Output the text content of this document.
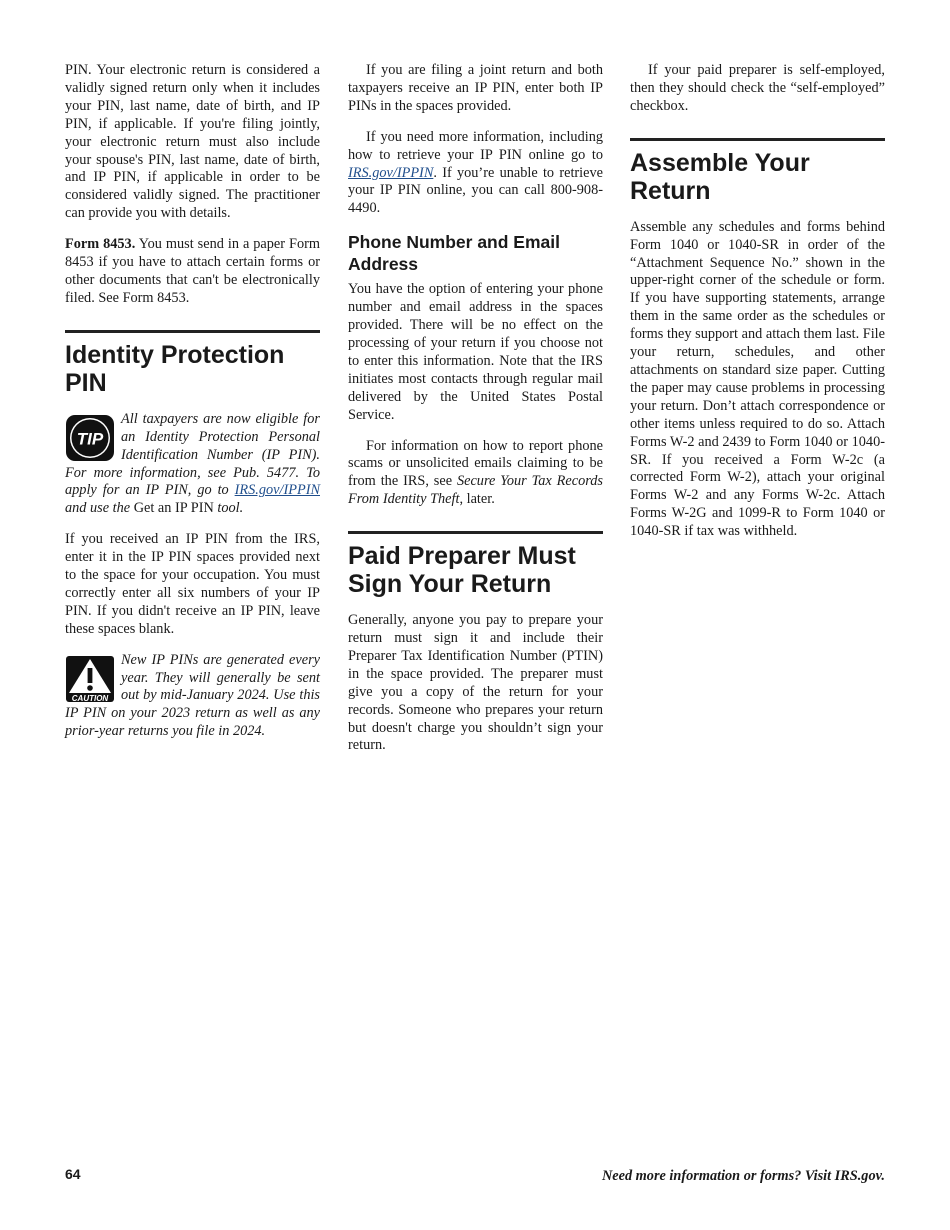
PIN. Your electronic return is considered a validly signed return only when it includes your PIN, last name, date of birth, and IP PIN, if applicable. If you're filing jointly, your electronic return must also include your spouse's PIN, last name, date of birth, and IP PIN, if applicable in order to be considered validly signed. The practitioner can provide you with details.

Form 8453. You must send in a paper Form 8453 if you have to attach certain forms or other documents that can't be electronically filed. See Form 8453.

Identity Protection PIN
TIP
All taxpayers are now eligible for an Identity Protection Personal Identification Number (IP PIN). For more information, see Pub. 5477. To apply for an IP PIN, go to IRS.gov/IPPIN and use the Get an IP PIN tool.

If you received an IP PIN from the IRS, enter it in the IP PIN spaces provided next to the space for your occupation. You must correctly enter all six numbers of your IP PIN. If you didn't receive an IP PIN, leave these spaces blank.

CAUTION
New IP PINs are generated every year. They will generally be sent out by mid-January 2024. Use this IP PIN on your 2023 return as well as any prior-year returns you file in 2024.

If you are filing a joint return and both taxpayers receive an IP PIN, enter both IP PINs in the spaces provided.

If you need more information, including how to retrieve your IP PIN online go to IRS.gov/IPPIN. If you’re unable to retrieve your IP PIN online, you can call 800-908-4490.

Phone Number and Email Address

You have the option of entering your phone number and email address in the spaces provided. There will be no effect on the processing of your return if you choose not to enter this information. Note that the IRS initiates most contacts through regular mail delivered by the United States Postal Service.

For information on how to report phone scams or unsolicited emails claiming to be from the IRS, see Secure Your Tax Records From Identity Theft, later.

Paid Preparer Must Sign Your Return

Generally, anyone you pay to prepare your return must sign it and include their Preparer Tax Identification Number (PTIN) in the space provided. The preparer must give you a copy of the return for your records. Someone who prepares your return but doesn't charge you shouldn’t sign your return.

If your paid preparer is self-employed, then they should check the “self-employed” checkbox.

Assemble Your Return

Assemble any schedules and forms behind Form 1040 or 1040-SR in order of the “Attachment Sequence No.” shown in the upper-right corner of the schedule or form. If you have supporting statements, arrange them in the same order as the schedules or forms they support and attach them last. File your return, schedules, and other attachments on standard size paper. Cutting the paper may cause problems in processing your return. Don’t attach correspondence or other items unless required to do so. Attach Forms W-2 and 2439 to Form 1040 or 1040-SR. If you received a Form W-2c (a corrected Form W-2), attach your original Forms W-2 and any Forms W-2c. Attach Forms W-2G and 1099-R to Form 1040 or 1040-SR if tax was withheld.

64	Need more information or forms? Visit IRS.gov.
